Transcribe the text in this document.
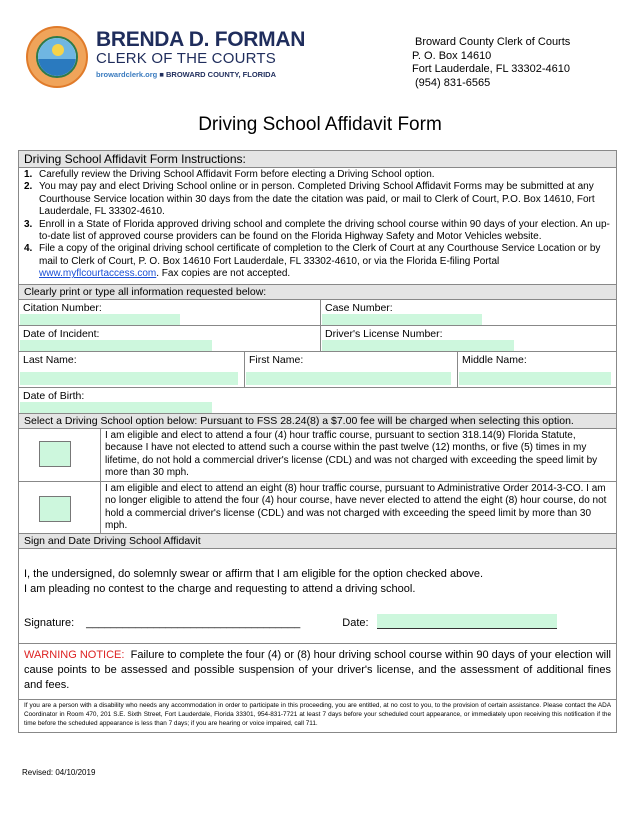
BRENDA D. FORMAN
CLERK OF THE COURTS
browardclerk.org ■ BROWARD COUNTY, FLORIDA
Broward County Clerk of Courts
P. O. Box 14610
Fort Lauderdale, FL 33302-4610
(954) 831-6565
Driving School Affidavit Form
Driving School Affidavit Form Instructions:
1. Carefully review the Driving School Affidavit Form before electing a Driving School option.
2. You may pay and elect Driving School online or in person. Completed Driving School Affidavit Forms may be submitted at any Courthouse Service location within 30 days from the date the citation was paid, or mail to Clerk of Court, P.O. Box 14610, Fort Lauderdale, FL 33302-4610.
3. Enroll in a State of Florida approved driving school and complete the driving school course within 90 days of your election. An up-to-date list of approved course providers can be found on the Florida Highway Safety and Motor Vehicles website.
4. File a copy of the original driving school certificate of completion to the Clerk of Court at any Courthouse Service Location or by mail to Clerk of Court, P. O. Box 14610 Fort Lauderdale, FL 33302-4610, or via the Florida E-filing Portal www.myflcourtaccess.com. Fax copies are not accepted.
Clearly print or type all information requested below:
Citation Number:	Case Number:
Date of Incident:	Driver's License Number:
Last Name:	First Name:	Middle Name:
Date of Birth:
Select a Driving School option below: Pursuant to FSS 28.24(8) a $7.00 fee will be charged when selecting this option.
I am eligible and elect to attend a four (4) hour traffic course, pursuant to section 318.14(9) Florida Statute, because I have not elected to attend such a course within the past twelve (12) months, or five (5) times in my lifetime, do not hold a commercial driver's license (CDL) and was not charged with exceeding the speed limit by more than 30 mph.
I am eligible and elect to attend an eight (8) hour traffic course, pursuant to Administrative Order 2014-3-CO. I am no longer eligible to attend the four (4) hour course, have never elected to attend the eight (8) hour course, do not hold a commercial driver's license (CDL) and was not charged with exceeding the speed limit by more than 30 mph.
Sign and Date Driving School Affidavit
I, the undersigned, do solemnly swear or affirm that I am eligible for the option checked above.
I am pleading no contest to the charge and requesting to attend a driving school.
Signature: ___________________________________	Date:
WARNING NOTICE: Failure to complete the four (4) or (8) hour driving school course within 90 days of your election will cause points to be assessed and possible suspension of your driver's license, and the assessment of additional fines and fees.
If you are a person with a disability who needs any accommodation in order to participate in this proceeding, you are entitled, at no cost to you, to the provision of certain assistance. Please contact the ADA Coordinator in Room 470, 201 S.E. Sixth Street, Fort Lauderdale, Florida 33301, 954-831-7721 at least 7 days before your scheduled court appearance, or immediately upon receiving this notification if the time before the scheduled appearance is less than 7 days; if you are hearing or voice impaired, call 711.
Revised: 04/10/2019
